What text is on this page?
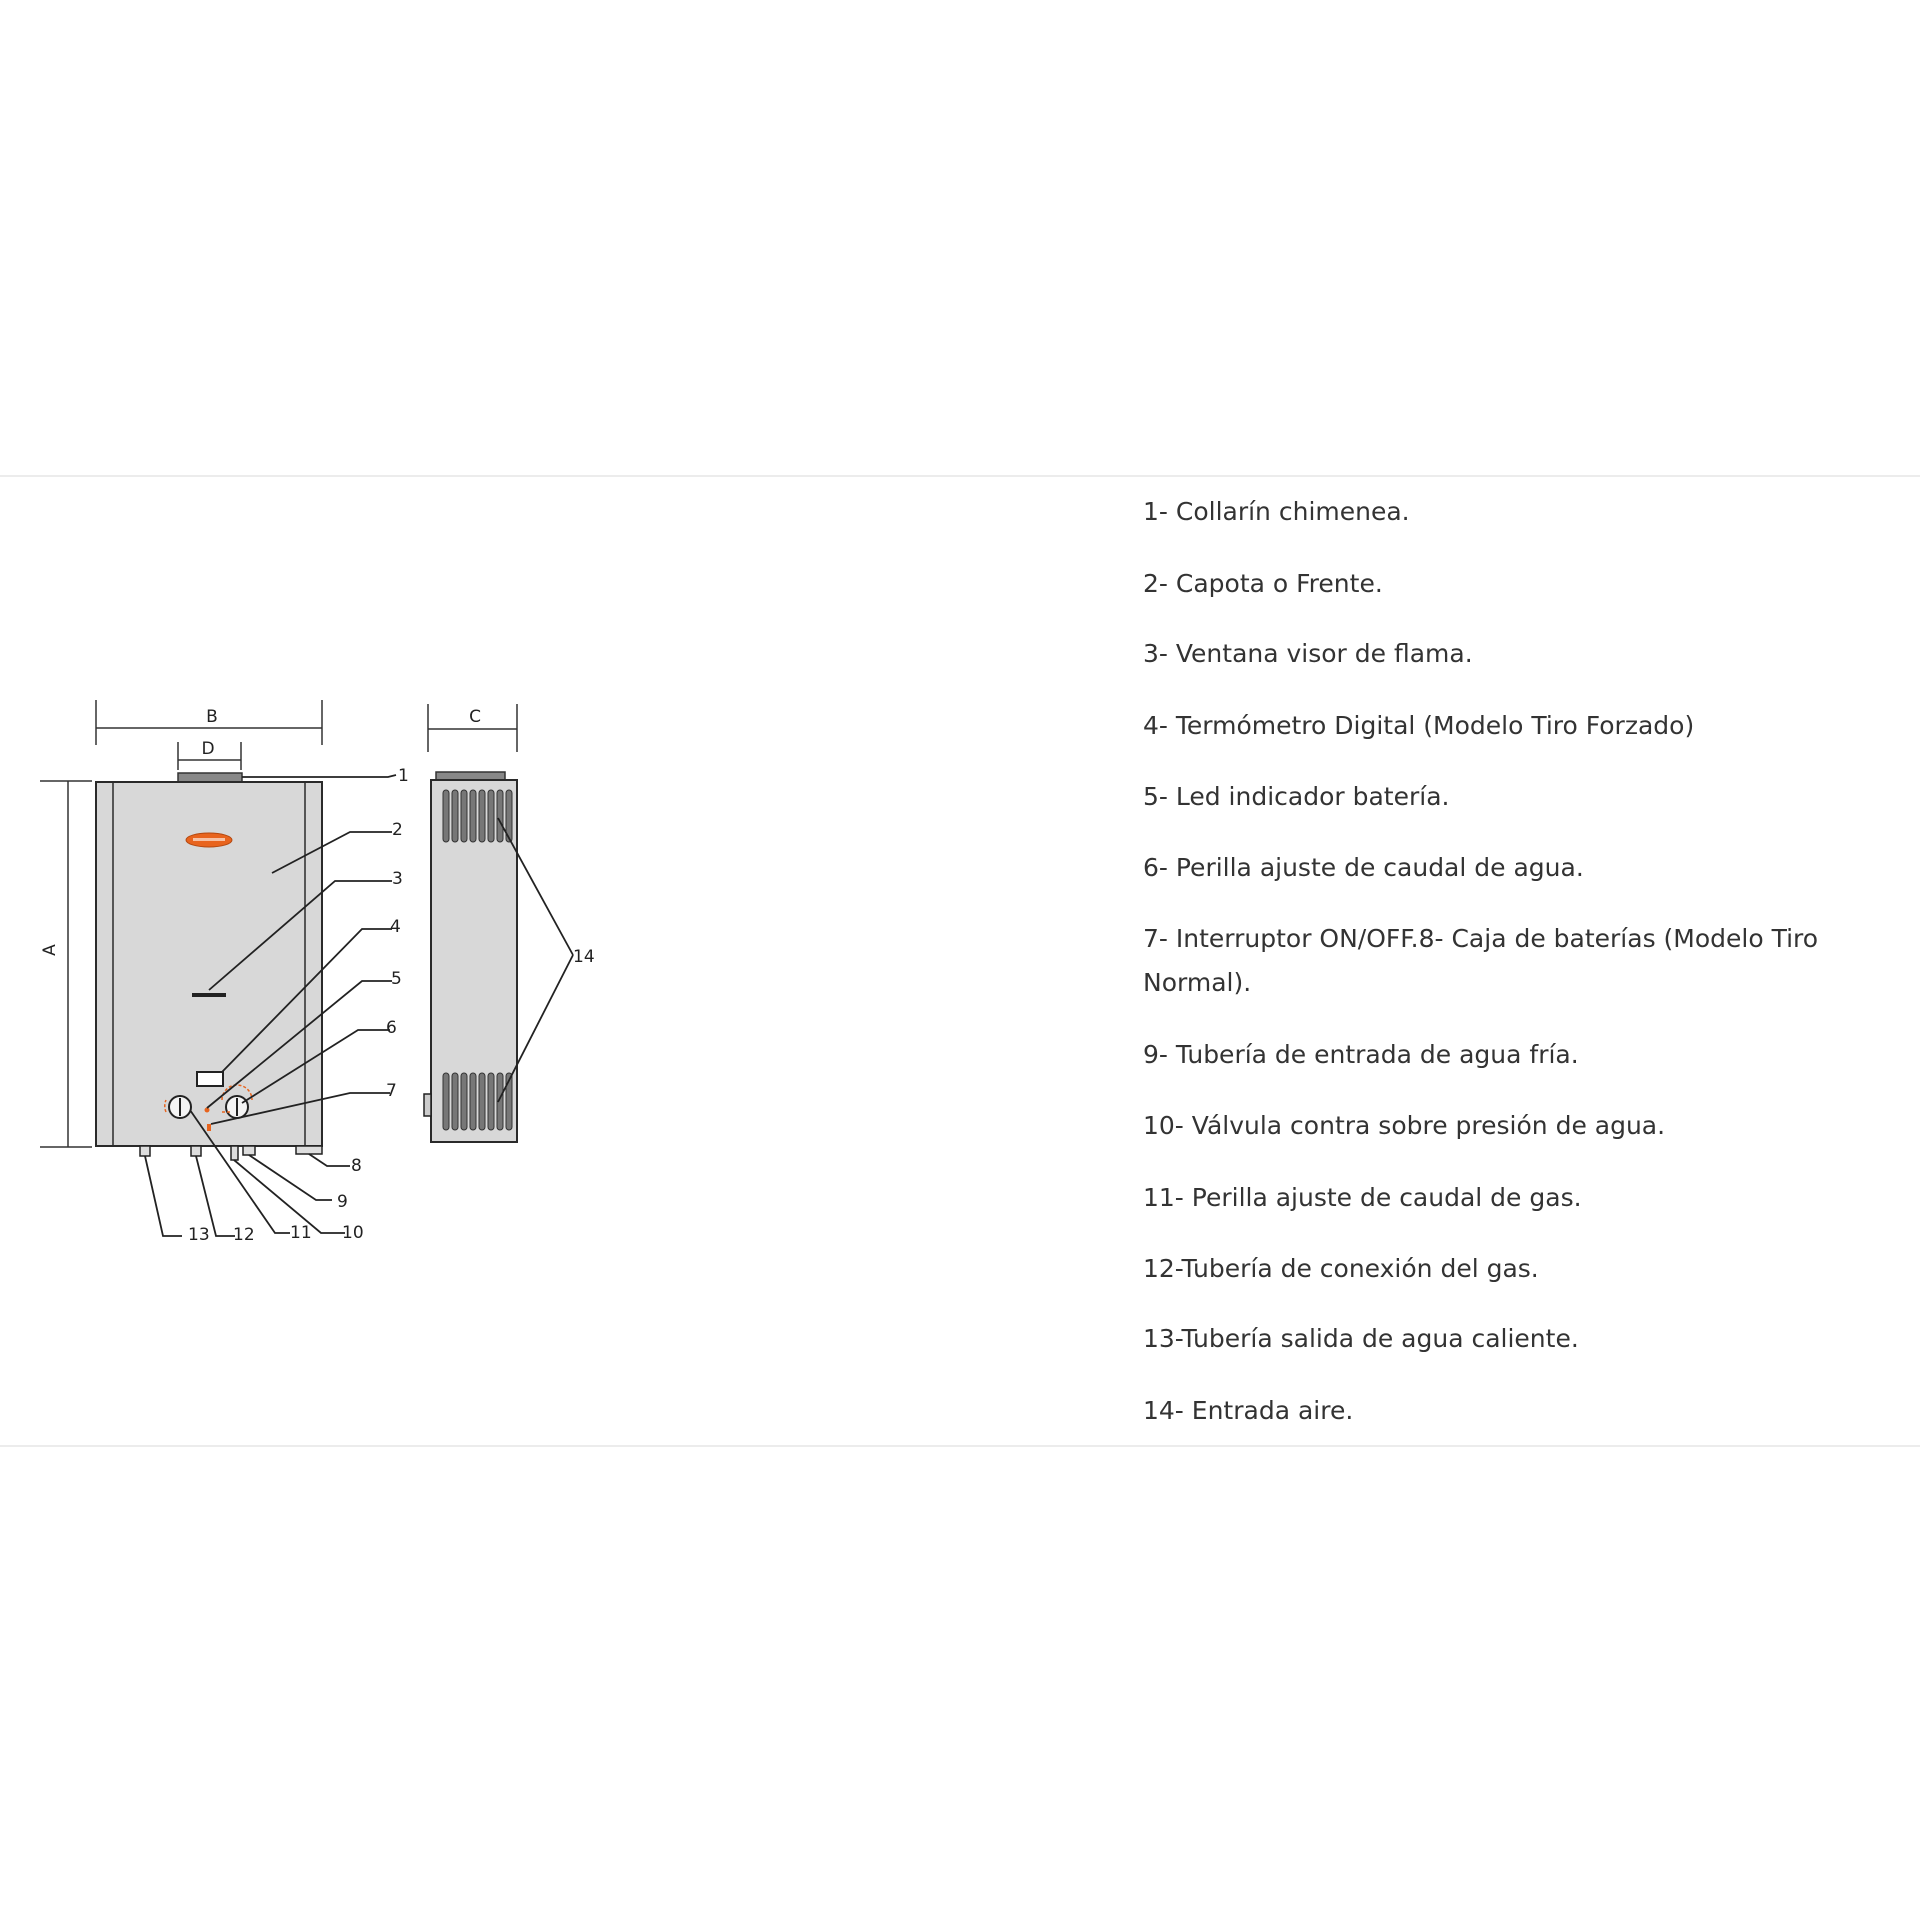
B
D
A
1
2
3
4
5
6
7
8
9
10
11
12
13
C
14
1- Collarín chimenea.
2- Capota o Frente.
3- Ventana visor de flama.
4- Termómetro Digital (Modelo Tiro Forzado)
5- Led indicador batería.
6- Perilla ajuste de caudal de agua.
7- Interruptor ON/OFF.8- Caja de baterías (Modelo Tiro Normal).
9- Tubería de entrada de agua fría.
10- Válvula contra sobre presión de agua.
11- Perilla ajuste de caudal de gas.
12-Tubería de conexión del gas.
13-Tubería salida de agua caliente.
14- Entrada aire.
